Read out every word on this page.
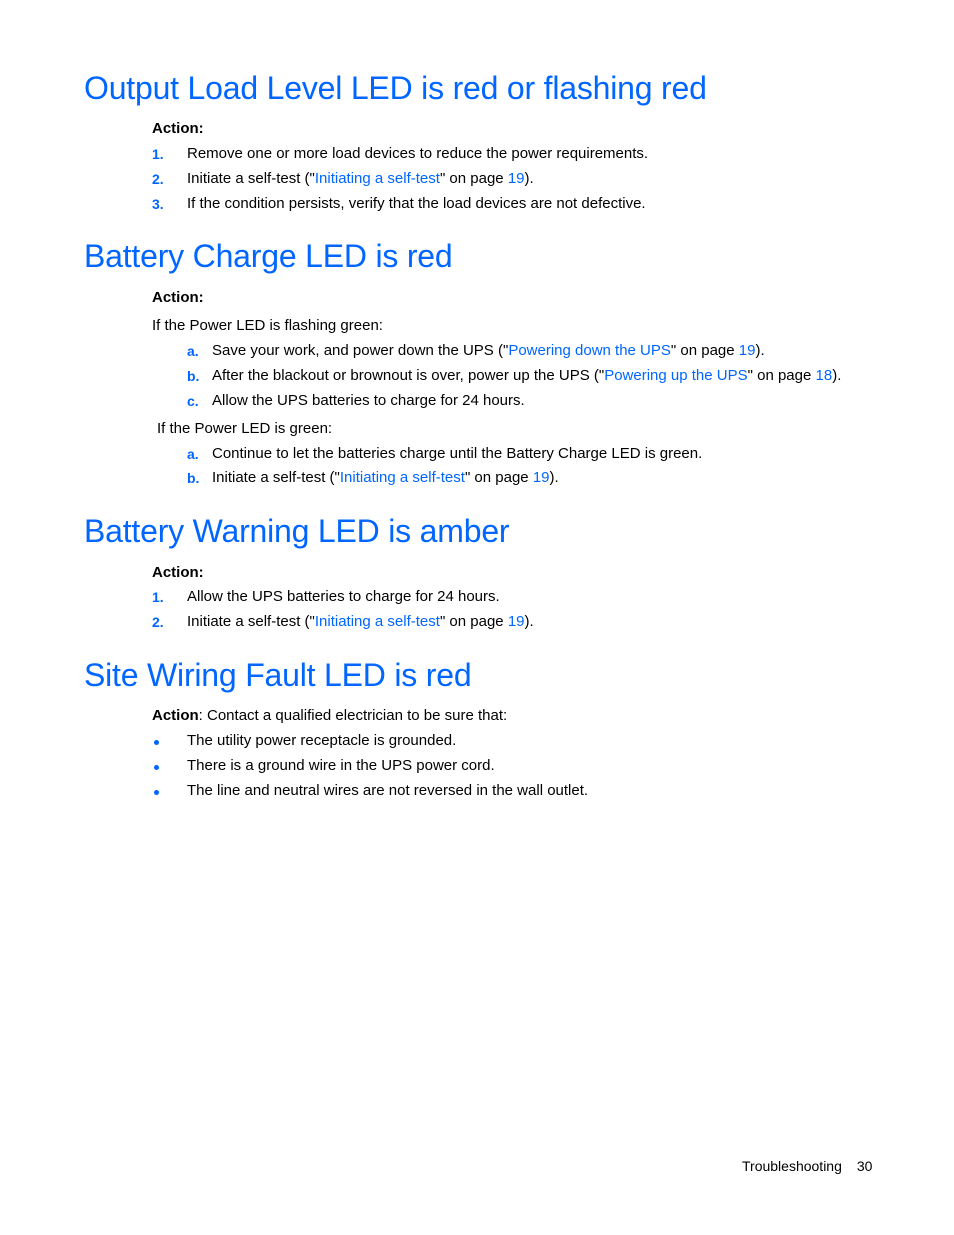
Output Load Level LED is red or flashing red
Action:
1. Remove one or more load devices to reduce the power requirements.
2. Initiate a self-test ("Initiating a self-test" on page 19).
3. If the condition persists, verify that the load devices are not defective.
Battery Charge LED is red
Action:
If the Power LED is flashing green:
a. Save your work, and power down the UPS ("Powering down the UPS" on page 19).
b. After the blackout or brownout is over, power up the UPS ("Powering up the UPS" on page 18).
c. Allow the UPS batteries to charge for 24 hours.
If the Power LED is green:
a. Continue to let the batteries charge until the Battery Charge LED is green.
b. Initiate a self-test ("Initiating a self-test" on page 19).
Battery Warning LED is amber
Action:
1. Allow the UPS batteries to charge for 24 hours.
2. Initiate a self-test ("Initiating a self-test" on page 19).
Site Wiring Fault LED is red
Action: Contact a qualified electrician to be sure that:
The utility power receptacle is grounded.
There is a ground wire in the UPS power cord.
The line and neutral wires are not reversed in the wall outlet.
Troubleshooting 30
